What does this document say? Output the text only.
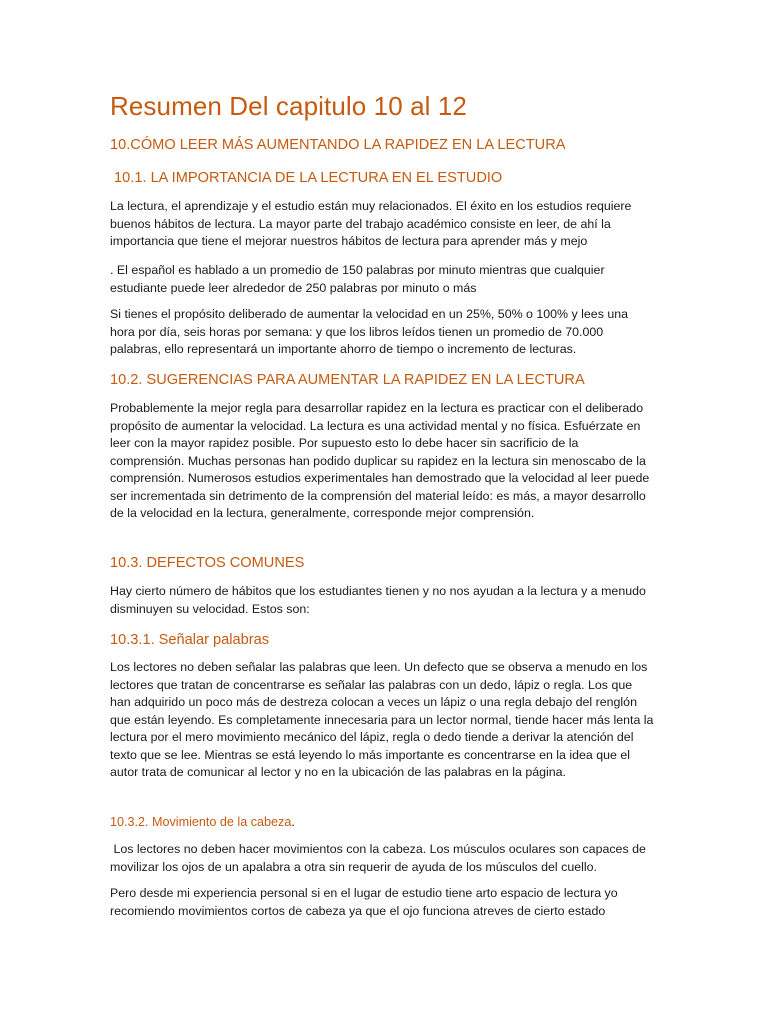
Resumen Del capitulo 10 al 12
10.CÓMO LEER MÁS AUMENTANDO LA RAPIDEZ EN LA LECTURA
10.1. LA IMPORTANCIA DE LA LECTURA EN EL ESTUDIO

La lectura, el aprendizaje y el estudio están muy relacionados. El éxito en los estudios requiere buenos hábitos de lectura. La mayor parte del trabajo académico consiste en leer, de ahí la importancia que tiene el mejorar nuestros hábitos de lectura para aprender más y mejo

. El español es hablado a un promedio de 150 palabras por minuto mientras que cualquier estudiante puede leer alrededor de 250 palabras por minuto o más

Si tienes el propósito deliberado de aumentar la velocidad en un 25%, 50% o 100% y lees una hora por día, seis horas por semana: y que los libros leídos tienen un promedio de 70.000 palabras, ello representará un importante ahorro de tiempo o incremento de lecturas.

10.2. SUGERENCIAS PARA AUMENTAR LA RAPIDEZ EN LA LECTURA

Probablemente la mejor regla para desarrollar rapidez en la lectura es practicar con el deliberado propósito de aumentar la velocidad. La lectura es una actividad mental y no física. Esfuérzate en leer con la mayor rapidez posible. Por supuesto esto lo debe hacer sin sacrificio de la comprensión. Muchas personas han podido duplicar su rapidez en la lectura sin menoscabo de la comprensión. Numerosos estudios experimentales han demostrado que la velocidad al leer puede ser incrementada sin detrimento de la comprensión del material leído: es más, a mayor desarrollo de la velocidad en la lectura, generalmente, corresponde mejor comprensión.

10.3. DEFECTOS COMUNES

Hay cierto número de hábitos que los estudiantes tienen y no nos ayudan a la lectura y a menudo disminuyen su velocidad. Estos son:

10.3.1. Señalar palabras

Los lectores no deben señalar las palabras que leen. Un defecto que se observa a menudo en los lectores que tratan de concentrarse es señalar las palabras con un dedo, lápiz o regla. Los que han adquirido un poco más de destreza colocan a veces un lápiz o una regla debajo del renglón que están leyendo. Es completamente innecesaria para un lector normal, tiende hacer más lenta la lectura por el mero movimiento mecánico del lápiz, regla o dedo tiende a derivar la atención del texto que se lee. Mientras se está leyendo lo más importante es concentrarse en la idea que el autor trata de comunicar al lector y no en la ubicación de las palabras en la página.

10.3.2. Movimiento de la cabeza.

Los lectores no deben hacer movimientos con la cabeza. Los músculos oculares son capaces de movilizar los ojos de un apalabra a otra sin requerir de ayuda de los músculos del cuello.

Pero desde mi experiencia personal si en el lugar de estudio tiene arto espacio de lectura yo recomiendo movimientos cortos de cabeza ya que el ojo funciona atreves de cierto estado
